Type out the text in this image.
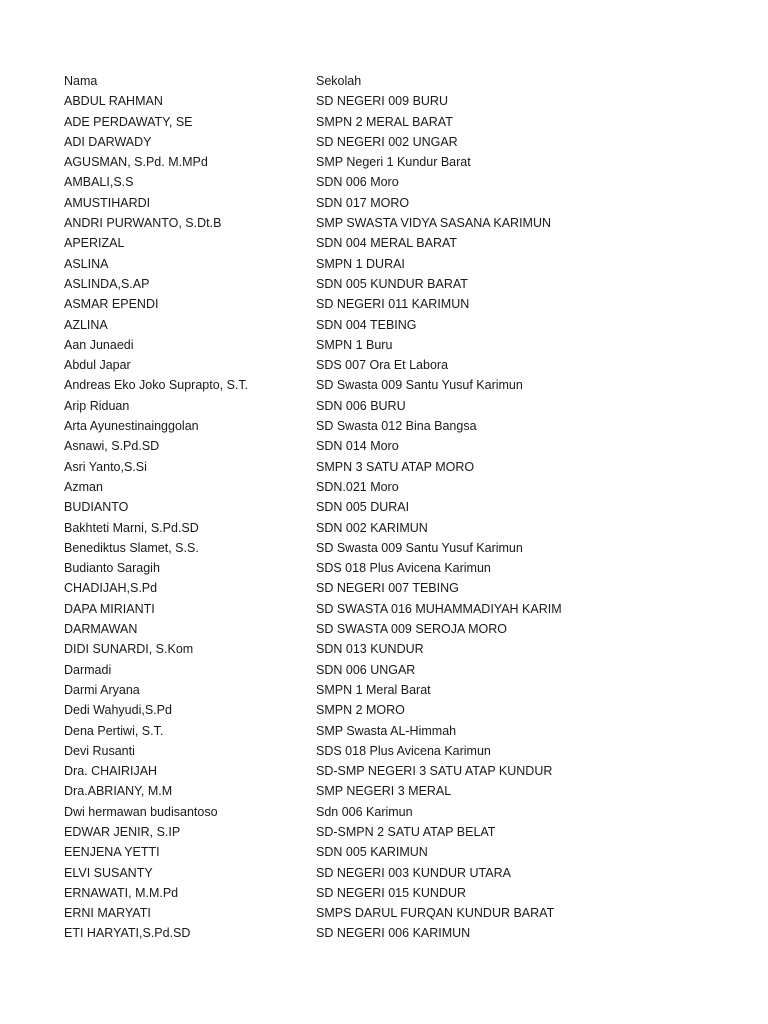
Nama	Sekolah
ABDUL RAHMAN	SD NEGERI 009 BURU
ADE PERDAWATY, SE	SMPN 2 MERAL BARAT
ADI DARWADY	SD NEGERI 002 UNGAR
AGUSMAN, S.Pd. M.MPd	SMP Negeri 1 Kundur Barat
AMBALI,S.S	SDN 006 Moro
AMUSTIHARDI	SDN 017 MORO
ANDRI PURWANTO, S.Dt.B	SMP SWASTA VIDYA SASANA KARIMUN
APERIZAL	SDN 004 MERAL BARAT
ASLINA	SMPN 1 DURAI
ASLINDA,S.AP	SDN 005 KUNDUR BARAT
ASMAR EPENDI	SD NEGERI 011 KARIMUN
AZLINA	SDN 004 TEBING
Aan Junaedi	SMPN 1 Buru
Abdul Japar	SDS 007 Ora Et Labora
Andreas Eko Joko Suprapto, S.T.	SD Swasta 009 Santu Yusuf Karimun
Arip Riduan	SDN 006 BURU
Arta Ayunestinainggolan	SD Swasta 012 Bina Bangsa
Asnawi, S.Pd.SD	SDN 014 Moro
Asri Yanto,S.Si	SMPN 3 SATU ATAP MORO
Azman	SDN.021 Moro
BUDIANTO	SDN 005 DURAI
Bakhteti Marni, S.Pd.SD	SDN 002 KARIMUN
Benediktus Slamet, S.S.	SD Swasta 009 Santu Yusuf Karimun
Budianto Saragih	SDS 018 Plus Avicena Karimun
CHADIJAH,S.Pd	SD NEGERI 007 TEBING
DAPA MIRIANTI	SD SWASTA 016 MUHAMMADIYAH KARIM
DARMAWAN	SD SWASTA 009 SEROJA MORO
DIDI SUNARDI, S.Kom	SDN 013 KUNDUR
Darmadi	SDN 006 UNGAR
Darmi Aryana	SMPN 1 Meral Barat
Dedi Wahyudi,S.Pd	SMPN 2 MORO
Dena Pertiwi, S.T.	SMP Swasta AL-Himmah
Devi Rusanti	SDS 018 Plus Avicena Karimun
Dra. CHAIRIJAH	SD-SMP NEGERI 3 SATU ATAP KUNDUR
Dra.ABRIANY, M.M	SMP NEGERI 3 MERAL
Dwi hermawan budisantoso	Sdn 006 Karimun
EDWAR JENIR, S.IP	SD-SMPN 2 SATU ATAP BELAT
EENJENA YETTI	SDN 005 KARIMUN
ELVI SUSANTY	SD NEGERI 003 KUNDUR UTARA
ERNAWATI, M.M.Pd	SD NEGERI 015 KUNDUR
ERNI MARYATI	SMPS DARUL FURQAN KUNDUR BARAT
ETI HARYATI,S.Pd.SD	SD NEGERI 006 KARIMUN
